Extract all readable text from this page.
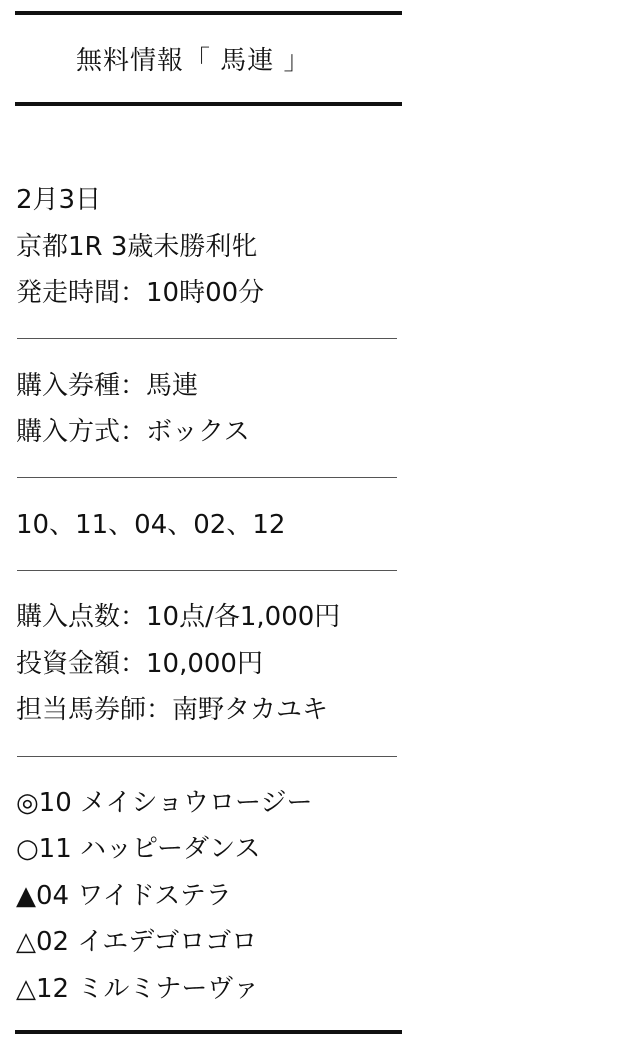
無料情報「 馬連 」
2月3日
京都1R 3歳未勝利牝
発走時間：10時00分
購入券種：馬連
購入方式：ボックス
10、11、04、02、12
購入点数：10点/各1,000円
投資金額：10,000円
担当馬券師：南野タカユキ
◎10 メイショウロージー
○11 ハッピーダンス
▲04 ワイドステラ
△02 イエデゴロゴロ
△12 ミルミナーヴァ
